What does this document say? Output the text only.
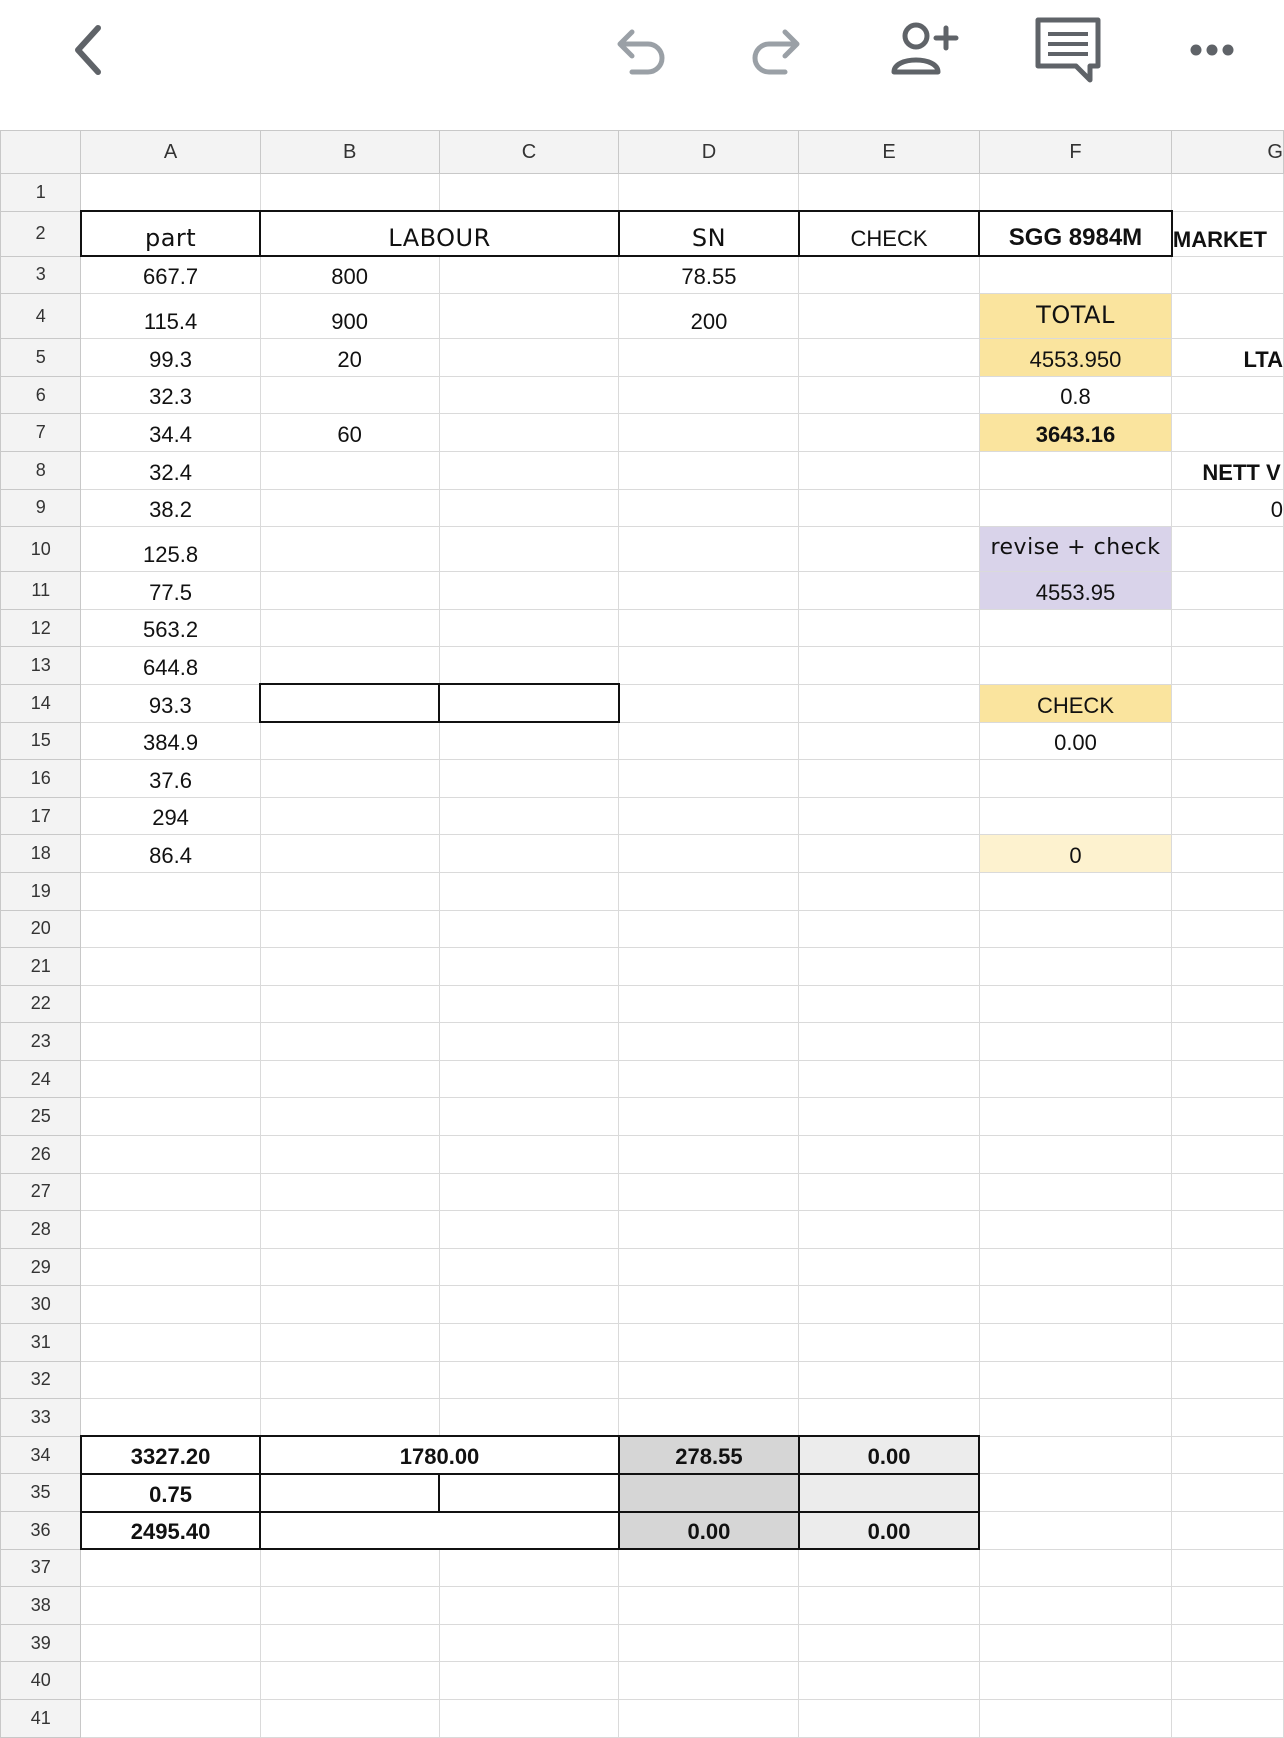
	A	B	C	D	E	F	G
1							
2	part	LABOUR		SN	CHECK	SGG 8984M	MARKET
3	667.7	800		78.55			
4	115.4	900		200		TOTAL	
5	99.3	20				4553.950	LTA
6	32.3					0.8	
7	34.4	60				3643.16	
8	32.4						NETT V
9	38.2						0
10	125.8					revise + check	
11	77.5					4553.95	
12	563.2						
13	644.8						
14	93.3					CHECK	
15	384.9					0.00	
16	37.6						
17	294						
18	86.4					0	
19							
20							
21							
22							
23							
24							
25							
26							
27							
28							
29							
30							
31							
32							
33							
34	3327.20	1780.00		278.55	0.00		
35	0.75						
36	2495.40			0.00	0.00		
37							
38							
39							
40							
41							
